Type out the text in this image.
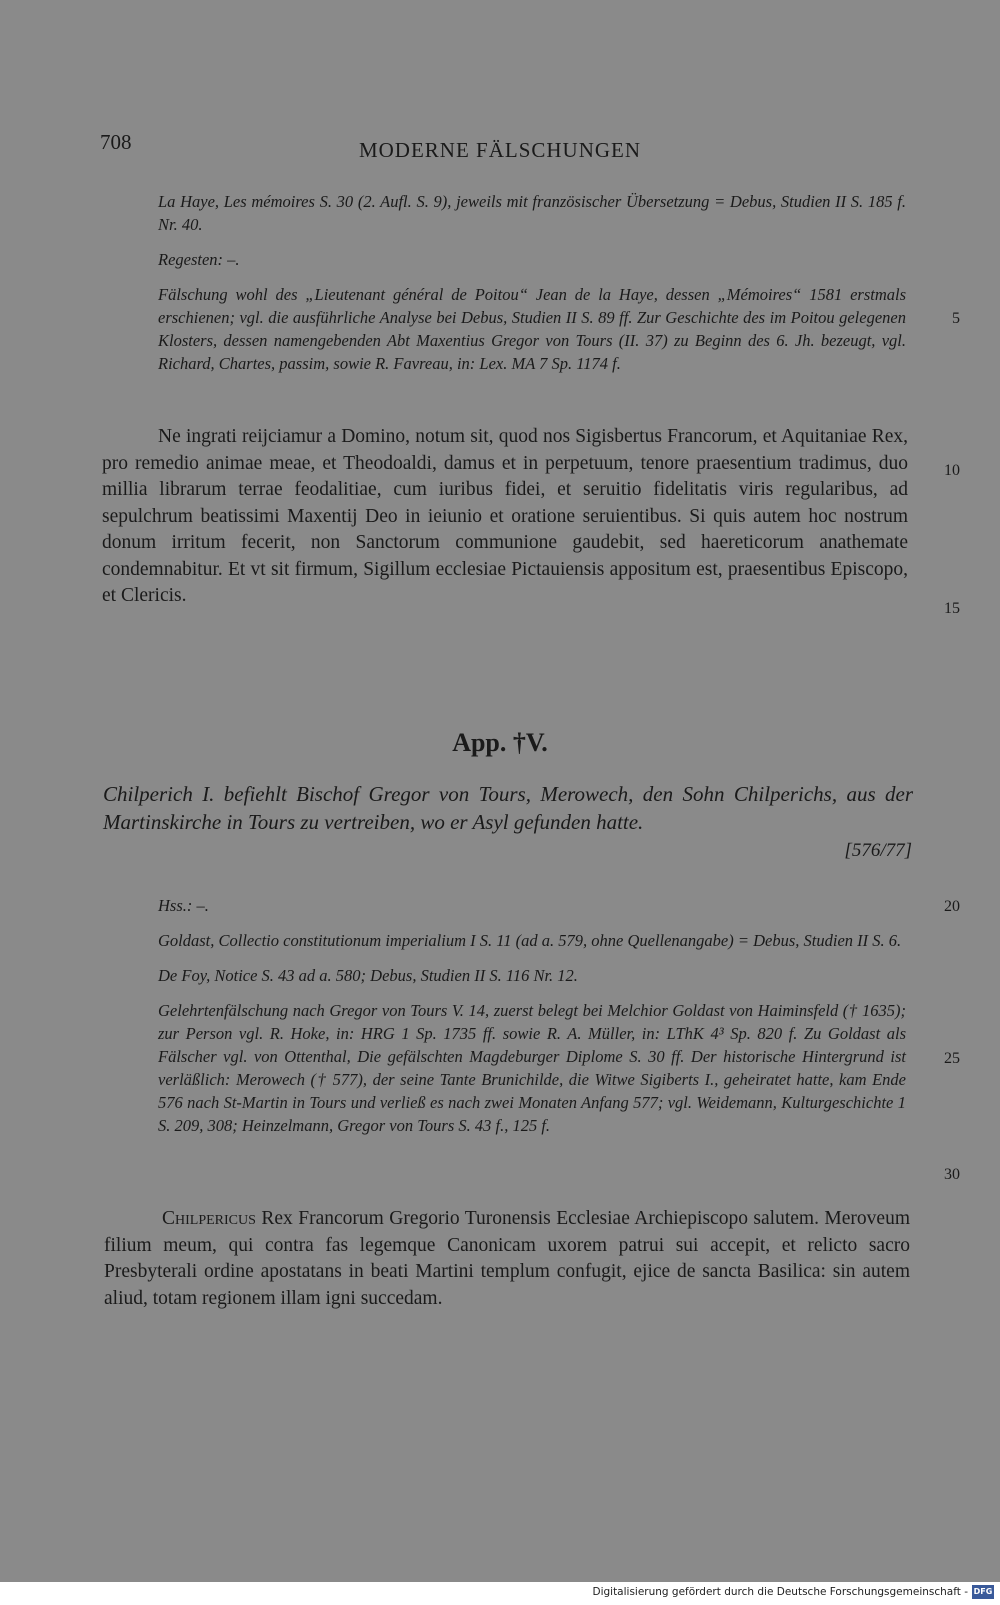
708	MODERNE FÄLSCHUNGEN

La Haye, Les mémoires S. 30 (2. Aufl. S. 9), jeweils mit französischer Übersetzung = Debus, Studien II S. 185 f. Nr. 40.

Regesten: –.

Fälschung wohl des „Lieutenant général de Poitou“ Jean de la Haye, dessen „Mémoires“ 1581 erstmals erschienen; vgl. die ausführliche Analyse bei Debus, Studien II S. 89 ff. Zur Geschichte des im Poitou gelegenen Klosters, dessen namengebenden Abt Maxentius Gregor von Tours (II. 37) zu Beginn des 6. Jh. bezeugt, vgl. Richard, Chartes, passim, sowie R. Favreau, in: Lex. MA 7 Sp. 1174 f.

Ne ingrati reijciamur a Domino, notum sit, quod nos Sigisbertus Francorum, et Aquitaniae Rex, pro remedio animae meae, et Theodoaldi, damus et in perpetuum, tenore praesentium tradimus, duo millia librarum terrae feodalitiae, cum iuribus fidei, et seruitio fidelitatis viris regularibus, ad sepulchrum beatissimi Maxentij Deo in ieiunio et oratione seruientibus. Si quis autem hoc nostrum donum irritum fecerit, non Sanctorum communione gaudebit, sed haereticorum anathemate condemnabitur. Et vt sit firmum, Sigillum ecclesiae Pictauiensis appositum est, praesentibus Episcopo, et Clericis.

App. †V.
Chilperich I. befiehlt Bischof Gregor von Tours, Merowech, den Sohn Chilperichs, aus der Martinskirche in Tours zu vertreiben, wo er Asyl gefunden hatte.
[576/77]

Hss.: –.

Goldast, Collectio constitutionum imperialium I S. 11 (ad a. 579, ohne Quellenangabe) = Debus, Studien II S. 6.

De Foy, Notice S. 43 ad a. 580; Debus, Studien II S. 116 Nr. 12.

Gelehrtenfälschung nach Gregor von Tours V. 14, zuerst belegt bei Melchior Goldast von Haiminsfeld († 1635); zur Person vgl. R. Hoke, in: HRG 1 Sp. 1735 ff. sowie R. A. Müller, in: LThK 4³ Sp. 820 f. Zu Goldast als Fälscher vgl. von Ottenthal, Die gefälschten Magdeburger Diplome S. 30 ff. Der historische Hintergrund ist verläßlich: Merowech († 577), der seine Tante Brunichilde, die Witwe Sigiberts I., geheiratet hatte, kam Ende 576 nach St-Martin in Tours und verließ es nach zwei Monaten Anfang 577; vgl. Weidemann, Kulturgeschichte 1 S. 209, 308; Heinzelmann, Gregor von Tours S. 43 f., 125 f.

Chilpericus Rex Francorum Gregorio Turonensis Ecclesiae Archiepiscopo salutem. Meroveum filium meum, qui contra fas legemque Canonicam uxorem patrui sui accepit, et relicto sacro Presbyterali ordine apostatans in beati Martini templum confugit, ejice de sancta Basilica: sin autem aliud, totam regionem illam igni succedam.

5
10
15
20
25
30
Digitalisierung gefördert durch die Deutsche Forschungsgemeinschaft - DFG
